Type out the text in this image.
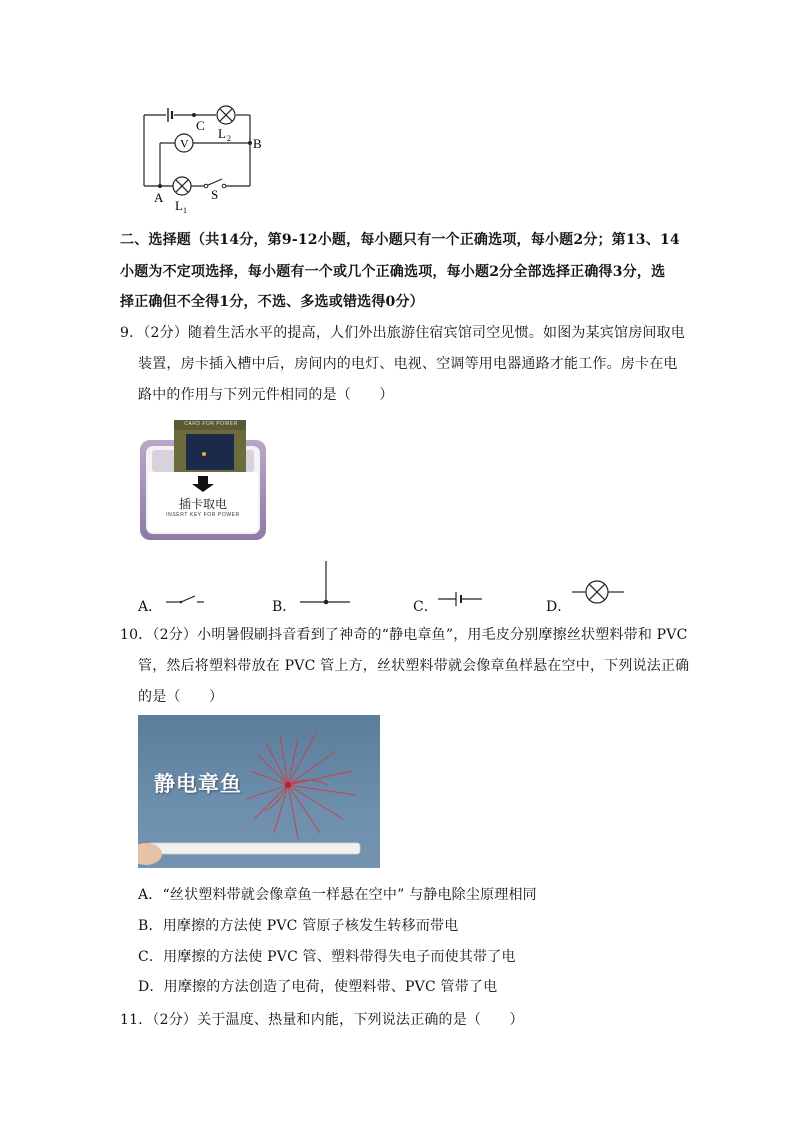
C
L 2 B
V
A
L 1
S
二、选择题（共14分，第9-12小题，每小题只有一个正确选项，每小题2分；第13、14
小题为不定项选择，每小题有一个或几个正确选项，每小题2分全部选择正确得3分，选
择正确但不全得1分，不选、多选或错选得0分）
9．（2分）随着生活水平的提高，人们外出旅游住宿宾馆司空见惯。如图为某宾馆房间取电
装置，房卡插入槽中后，房间内的电灯、电视、空调等用电器通路才能工作。房卡在电
路中的作用与下列元件相同的是（　　）
CARD FOR POWER
插卡取电
INSERT KEY FOR POWER
A．	B．	C．	D．
10．（2分）小明暑假刷抖音看到了神奇的“静电章鱼”，用毛皮分别摩擦丝状塑料带和 PVC
管，然后将塑料带放在 PVC 管上方，丝状塑料带就会像章鱼样悬在空中，下列说法正确
的是（　　）
静电章鱼
A．“丝状塑料带就会像章鱼一样悬在空中” 与静电除尘原理相同
B．用摩擦的方法使 PVC 管原子核发生转移而带电
C．用摩擦的方法使 PVC 管、塑料带得失电子而使其带了电
D．用摩擦的方法创造了电荷，使塑料带、PVC 管带了电
11．（2分）关于温度、热量和内能，下列说法正确的是（　　）
